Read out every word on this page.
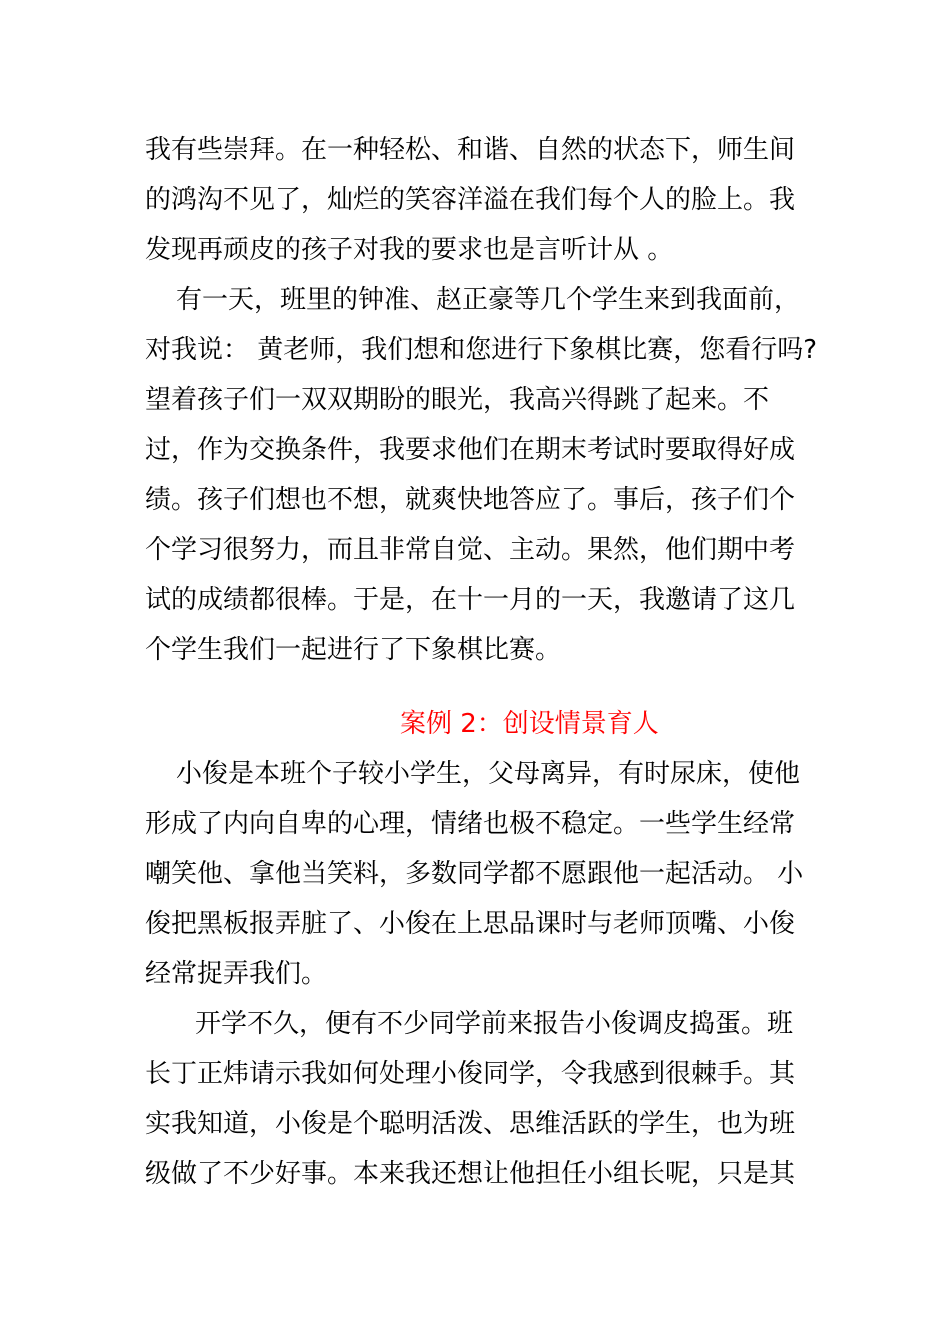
我有些崇拜。在一种轻松、和谐、自然的状态下，师生间
的鸿沟不见了，灿烂的笑容洋溢在我们每个人的脸上。我
发现再顽皮的孩子对我的要求也是言听计从 。
有一天，班里的钟准、赵正豪等几个学生来到我面前，
对我说： 黄老师，我们想和您进行下象棋比赛，您看行吗?
望着孩子们一双双期盼的眼光，我高兴得跳了起来。不
过，作为交换条件，我要求他们在期末考试时要取得好成
绩。孩子们想也不想，就爽快地答应了。事后，孩子们个
个学习很努力，而且非常自觉、主动。果然，他们期中考
试的成绩都很棒。于是，在十一月的一天，我邀请了这几
个学生我们一起进行了下象棋比赛。
案例 2：创设情景育人
小俊是本班个子较小学生，父母离异，有时尿床，使他
形成了内向自卑的心理，情绪也极不稳定。一些学生经常
嘲笑他、拿他当笑料，多数同学都不愿跟他一起活动。 小
俊把黑板报弄脏了、小俊在上思品课时与老师顶嘴、小俊
经常捉弄我们。
开学不久，便有不少同学前来报告小俊调皮捣蛋。班
长丁正炜请示我如何处理小俊同学，令我感到很棘手。其
实我知道，小俊是个聪明活泼、思维活跃的学生，也为班
级做了不少好事。本来我还想让他担任小组长呢，只是其
